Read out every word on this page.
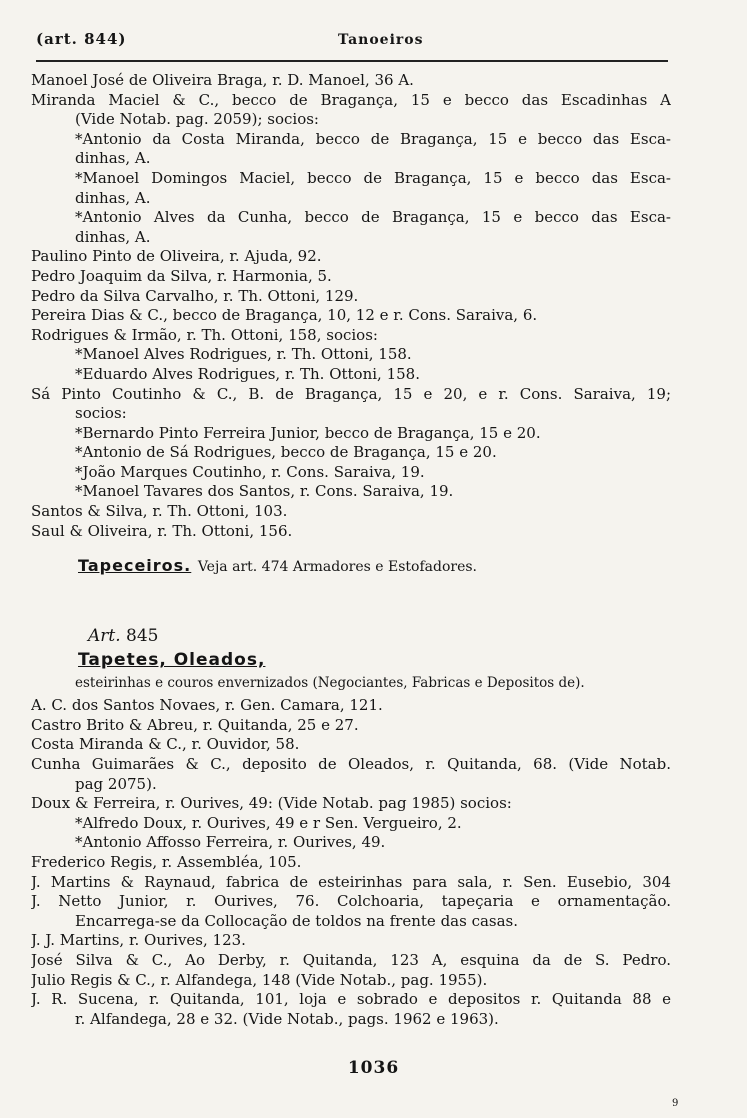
(art. 844)	Tanoeiros
Manoel José de Oliveira Braga, r. D. Manoel, 36 A.
Miranda Maciel & C., becco de Bragança, 15 e becco das Escadinhas A
(Vide Notab. pag. 2059); socios:
*Antonio da Costa Miranda, becco de Bragança, 15 e becco das Esca-
dinhas, A.
*Manoel Domingos Maciel, becco de Bragança, 15 e becco das Esca-
dinhas, A.
*Antonio Alves da Cunha, becco de Bragança, 15 e becco das Esca-
dinhas, A.
Paulino Pinto de Oliveira, r. Ajuda, 92.
Pedro Joaquim da Silva, r. Harmonia, 5.
Pedro da Silva Carvalho, r. Th. Ottoni, 129.
Pereira Dias & C., becco de Bragança, 10, 12 e r. Cons. Saraiva, 6.
Rodrigues & Irmão, r. Th. Ottoni, 158, socios:
*Manoel Alves Rodrigues, r. Th. Ottoni, 158.
*Eduardo Alves Rodrigues, r. Th. Ottoni, 158.
Sá Pinto Coutinho & C., B. de Bragança, 15 e 20, e r. Cons. Saraiva, 19;
socios:
*Bernardo Pinto Ferreira Junior, becco de Bragança, 15 e 20.
*Antonio de Sá Rodrigues, becco de Bragança, 15 e 20.
*João Marques Coutinho, r. Cons. Saraiva, 19.
*Manoel Tavares dos Santos, r. Cons. Saraiva, 19.
Santos & Silva, r. Th. Ottoni, 103.
Saul & Oliveira, r. Th. Ottoni, 156.
Tapeceiros. Veja art. 474 Armadores e Estofadores.
Art. 845
Tapetes, Oleados,
esteirinhas e couros envernizados (Negociantes, Fabricas e Depositos de).
A. C. dos Santos Novaes, r. Gen. Camara, 121.
Castro Brito & Abreu, r. Quitanda, 25 e 27.
Costa Miranda & C., r. Ouvidor, 58.
Cunha Guimarães & C., deposito de Oleados, r. Quitanda, 68. (Vide Notab.
pag 2075).
Doux & Ferreira, r. Ourives, 49: (Vide Notab. pag 1985) socios:
*Alfredo Doux, r. Ourives, 49 e r Sen. Vergueiro, 2.
*Antonio Affosso Ferreira, r. Ourives, 49.
Frederico Regis, r. Assembléa, 105.
J. Martins & Raynaud, fabrica de esteirinhas para sala, r. Sen. Eusebio, 304
J. Netto Junior, r. Ourives, 76. Colchoaria, tapeçaria e ornamentação.
Encarrega-se da Collocação de toldos na frente das casas.
J. J. Martins, r. Ourives, 123.
José Silva & C., Ao Derby, r. Quitanda, 123 A, esquina da de S. Pedro.
Julio Regis & C., r. Alfandega, 148 (Vide Notab., pag. 1955).
J. R. Sucena, r. Quitanda, 101, loja e sobrado e depositos r. Quitanda 88 e
r. Alfandega, 28 e 32. (Vide Notab., pags. 1962 e 1963).
1036
9
